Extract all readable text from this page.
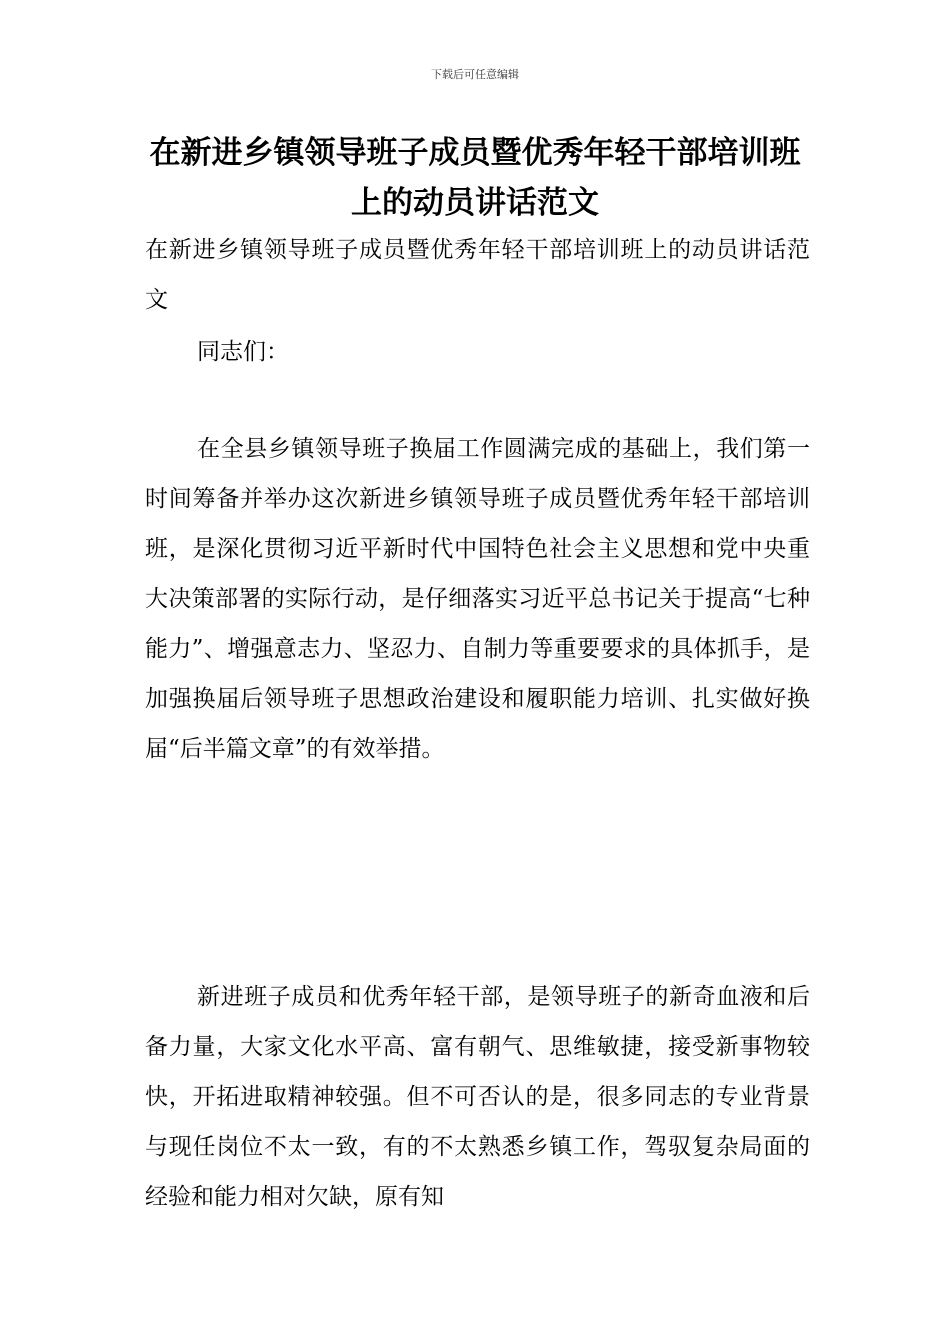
下载后可任意编辑
在新进乡镇领导班子成员暨优秀年轻干部培训班上的动员讲话范文

在新进乡镇领导班子成员暨优秀年轻干部培训班上的动员讲话范文

同志们：

在全县乡镇领导班子换届工作圆满完成的基础上，我们第一时间筹备并举办这次新进乡镇领导班子成员暨优秀年轻干部培训班，是深化贯彻习近平新时代中国特色社会主义思想和党中央重大决策部署的实际行动，是仔细落实习近平总书记关于提高“七种能力”、增强意志力、坚忍力、自制力等重要要求的具体抓手，是加强换届后领导班子思想政治建设和履职能力培训、扎实做好换届“后半篇文章”的有效举措。

新进班子成员和优秀年轻干部，是领导班子的新奇血液和后备力量，大家文化水平高、富有朝气、思维敏捷，接受新事物较快，开拓进取精神较强。但不可否认的是，很多同志的专业背景与现任岗位不太一致，有的不太熟悉乡镇工作，驾驭复杂局面的经验和能力相对欠缺，原有知
